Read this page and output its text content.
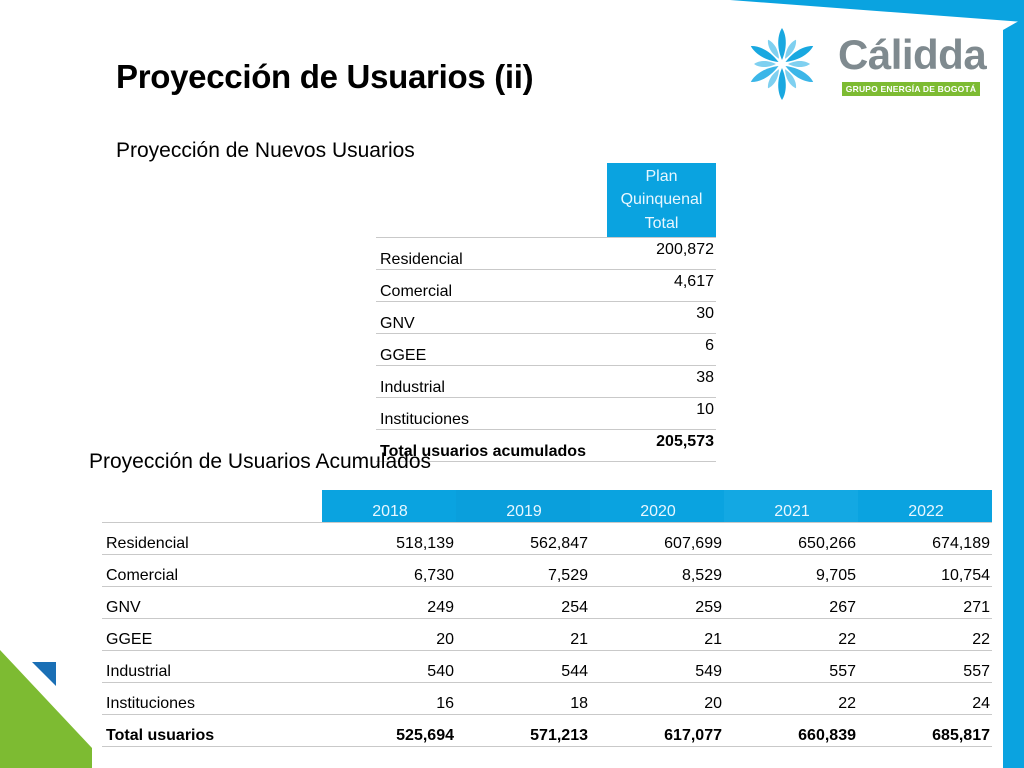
Cálidda
GRUPO ENERGÍA DE BOGOTÁ
Proyección de Usuarios (ii)
Proyección de Nuevos Usuarios

	Plan
Quinquenal
Total

Residencial	200,872
Comercial	4,617
GNV	30
GGEE	6
Industrial	38
Instituciones	10
Total usuarios acumulados	205,573
Proyección de Usuarios Acumulados
	2018	2019	2020	2021	2022
Residencial	518,139	562,847	607,699	650,266	674,189
Comercial	6,730	7,529	8,529	9,705	10,754
GNV	249	254	259	267	271
GGEE	20	21	21	22	22
Industrial	540	544	549	557	557
Instituciones	16	18	20	22	24
Total usuarios	525,694	571,213	617,077	660,839	685,817
